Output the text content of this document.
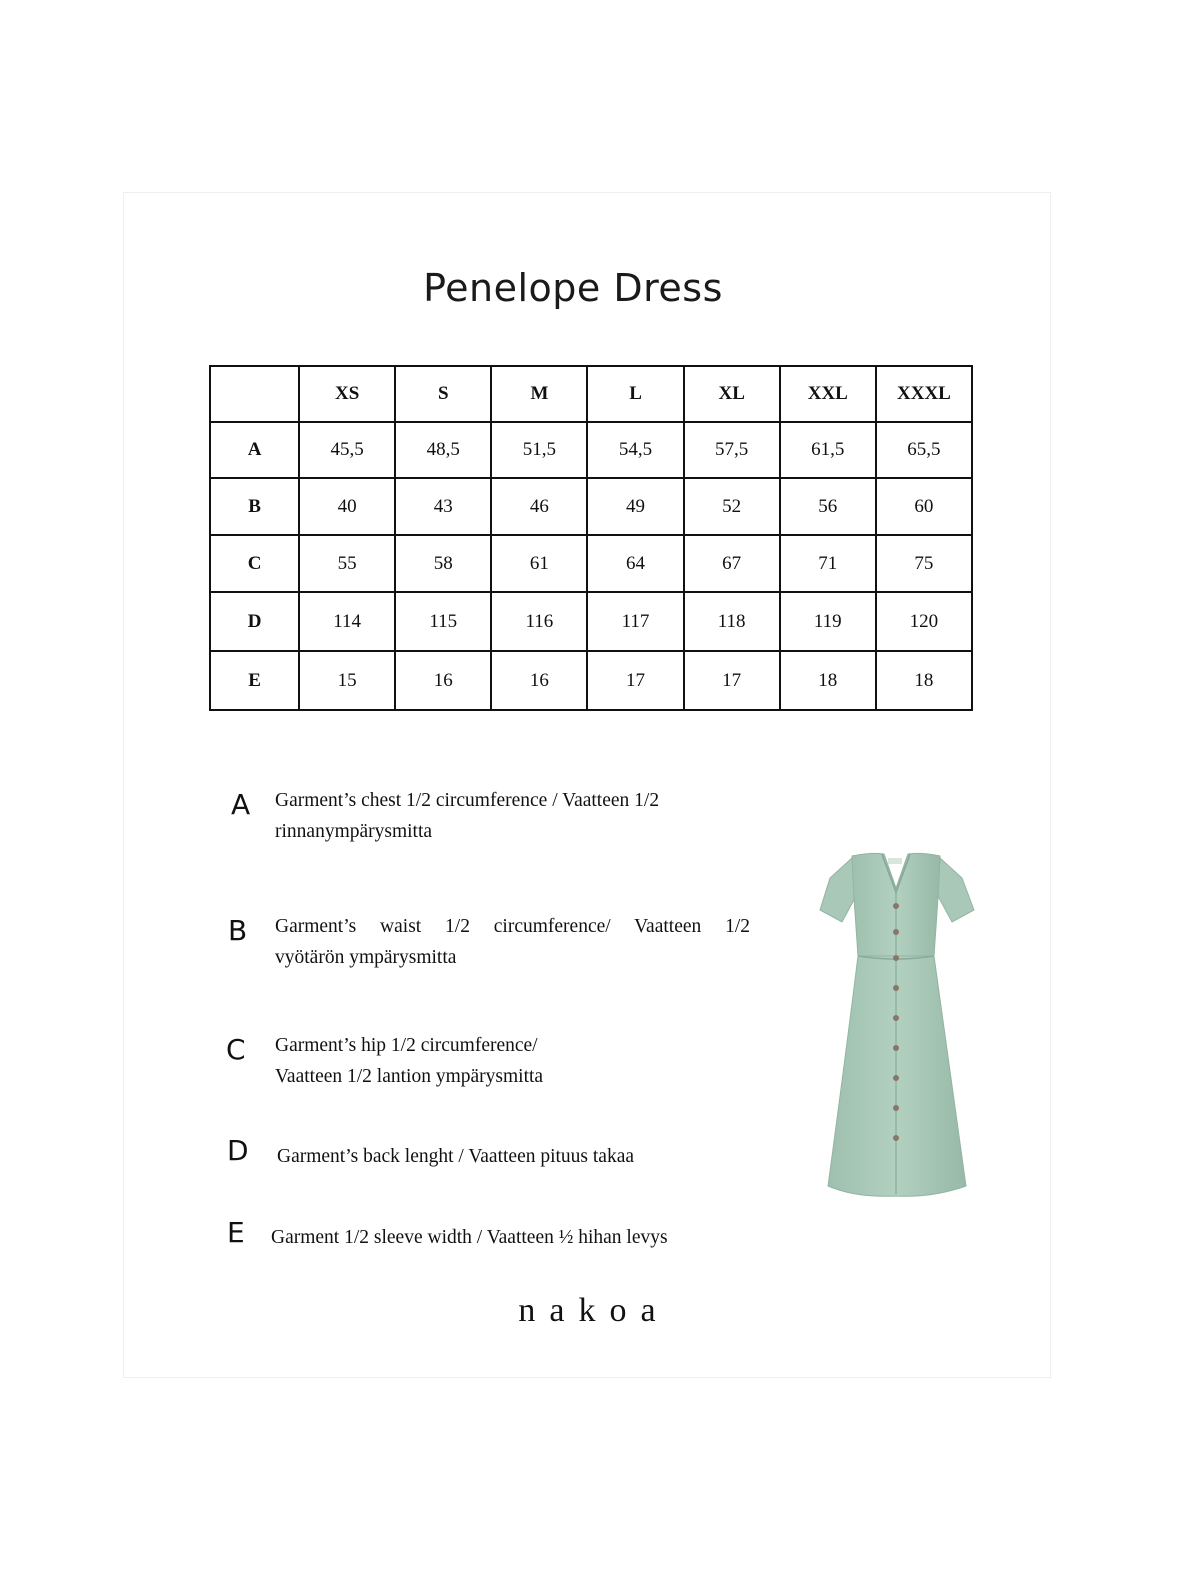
Penelope Dress
	XS	S	M	L	XL	XXL	XXXL
A	45,5	48,5	51,5	54,5	57,5	61,5	65,5
B	40	43	46	49	52	56	60
C	55	58	61	64	67	71	75
D	114	115	116	117	118	119	120
E	15	16	16	17	17	18	18
A Garment’s chest 1/2 circumference / Vaatteen 1/2
rinnanympärysmitta
B Garment’s waist 1/2 circumference/ Vaatteen 1/2
vyötärön ympärysmitta
C Garment’s hip 1/2 circumference/
Vaatteen 1/2 lantion ympärysmitta
D Garment’s back lenght / Vaatteen pituus takaa
E Garment 1/2 sleeve width / Vaatteen ½ hihan levys
nakoa
